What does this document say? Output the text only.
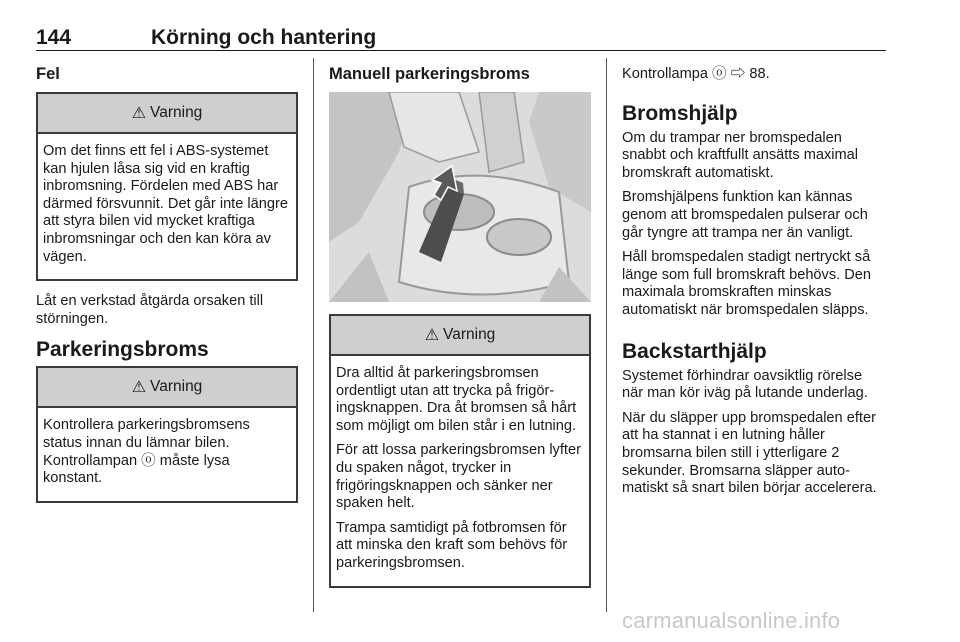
144	Körning och hantering
Fel
⚠ Varning

Om det finns ett fel i ABS-systemet kan hjulen låsa sig vid en kraftig inbromsning. Fördelen med ABS har därmed försvunnit. Det går inte längre att styra bilen vid mycket kraftiga inbromsningar och den kan köra av vägen.

Låt en verkstad åtgärda orsaken till störningen.

Parkeringsbroms
⚠ Varning

Kontrollera parkeringsbromsens status innan du lämnar bilen. Kontrollampan ⓞ måste lysa konstant.

Manuell parkeringsbroms
⚠ Varning

Dra alltid åt parkeringsbromsen ordentligt utan att trycka på frigöringsknappen. Dra åt bromsen så hårt som möjligt om bilen står i en lutning.

För att lossa parkeringsbromsen lyfter du spaken något, trycker in frigöringsknappen och sänker ner spaken helt.

Trampa samtidigt på fotbromsen för att minska den kraft som behövs för parkeringsbromsen.

Kontrollampa ⓞ ⇨ 88.

Bromshjälp

Om du trampar ner bromspedalen snabbt och kraftfullt ansätts maximal bromskraft automatiskt.

Bromshjälpens funktion kan kännas genom att bromspedalen pulserar och går tyngre att trampa ner än vanligt.

Håll bromspedalen stadigt nertryckt så länge som full bromskraft behövs. Den maximala bromskraften minskas automatiskt när bromspedalen släpps.

Backstarthjälp

Systemet förhindrar oavsiktlig rörelse när man kör iväg på lutande underlag.

När du släpper upp bromspedalen efter att ha stannat i en lutning håller bromsarna bilen still i ytterligare 2 sekunder. Bromsarna släpper automatiskt så snart bilen börjar accelerera.

carmanualsonline.info
